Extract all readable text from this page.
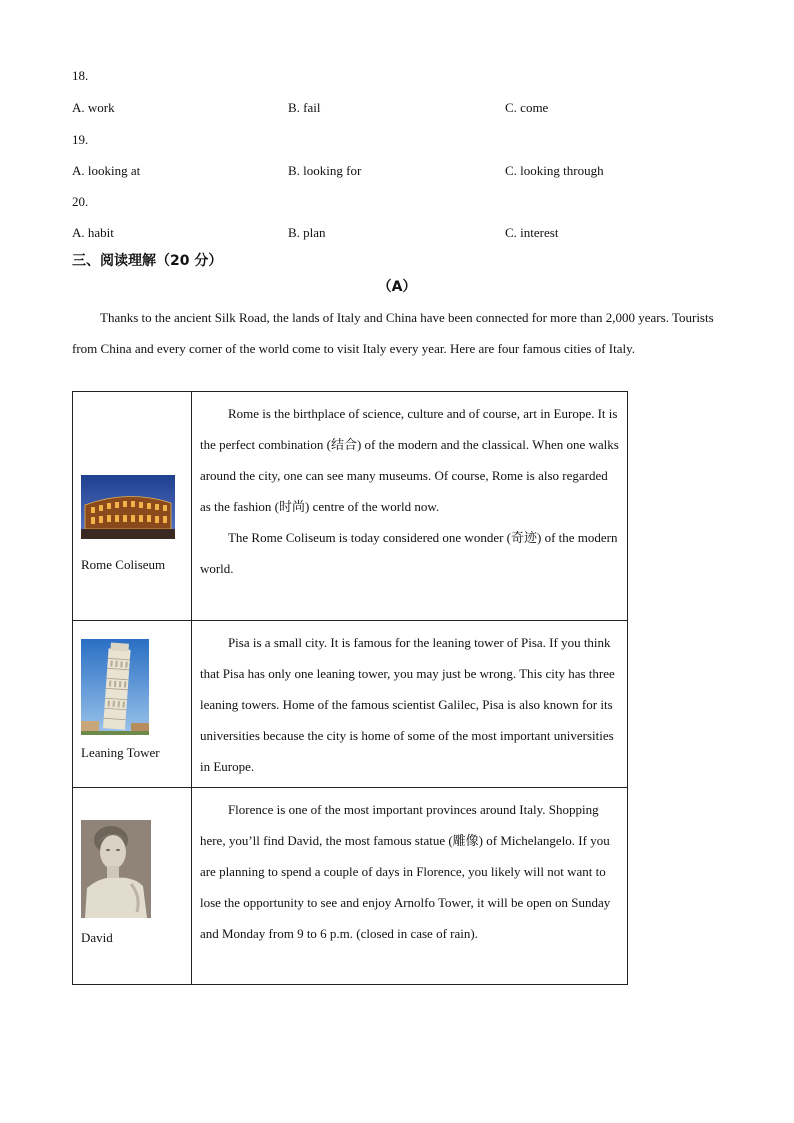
18.
A. work	B. fail	C. come
19.
A. looking at	B. looking for	C. looking through
20.
A. habit	B. plan	C. interest
三、阅读理解（20 分）
（A）

Thanks to the ancient Silk Road, the lands of Italy and China have been connected for more than 2,000 years. Tourists from China and every corner of the world come to visit Italy every year. Here are four famous cities of Italy.

Rome Coliseum	Rome is the birthplace of science, culture and of course, art in Europe. It is the perfect combination (结合) of the modern and the classical. When one walks around the city, one can see many museums. Of course, Rome is also regarded as the fashion (时尚) centre of the world now.

The Rome Coliseum is today considered one wonder (奇迹) of the modern world.

Leaning Tower	Pisa is a small city. It is famous for the leaning tower of Pisa. If you think that Pisa has only one leaning tower, you may just be wrong. This city has three leaning towers. Home of the famous scientist Galilec, Pisa is also known for its universities because the city is home of some of the most important universities in Europe.

David	Florence is one of the most important provinces around Italy. Shopping here, you’ll find David, the most famous statue (雕像) of Michelangelo. If you are planning to spend a couple of days in Florence, you likely will not want to lose the opportunity to see and enjoy Arnolfo Tower, it will be open on Sunday and Monday from 9 to 6 p.m. (closed in case of rain).
